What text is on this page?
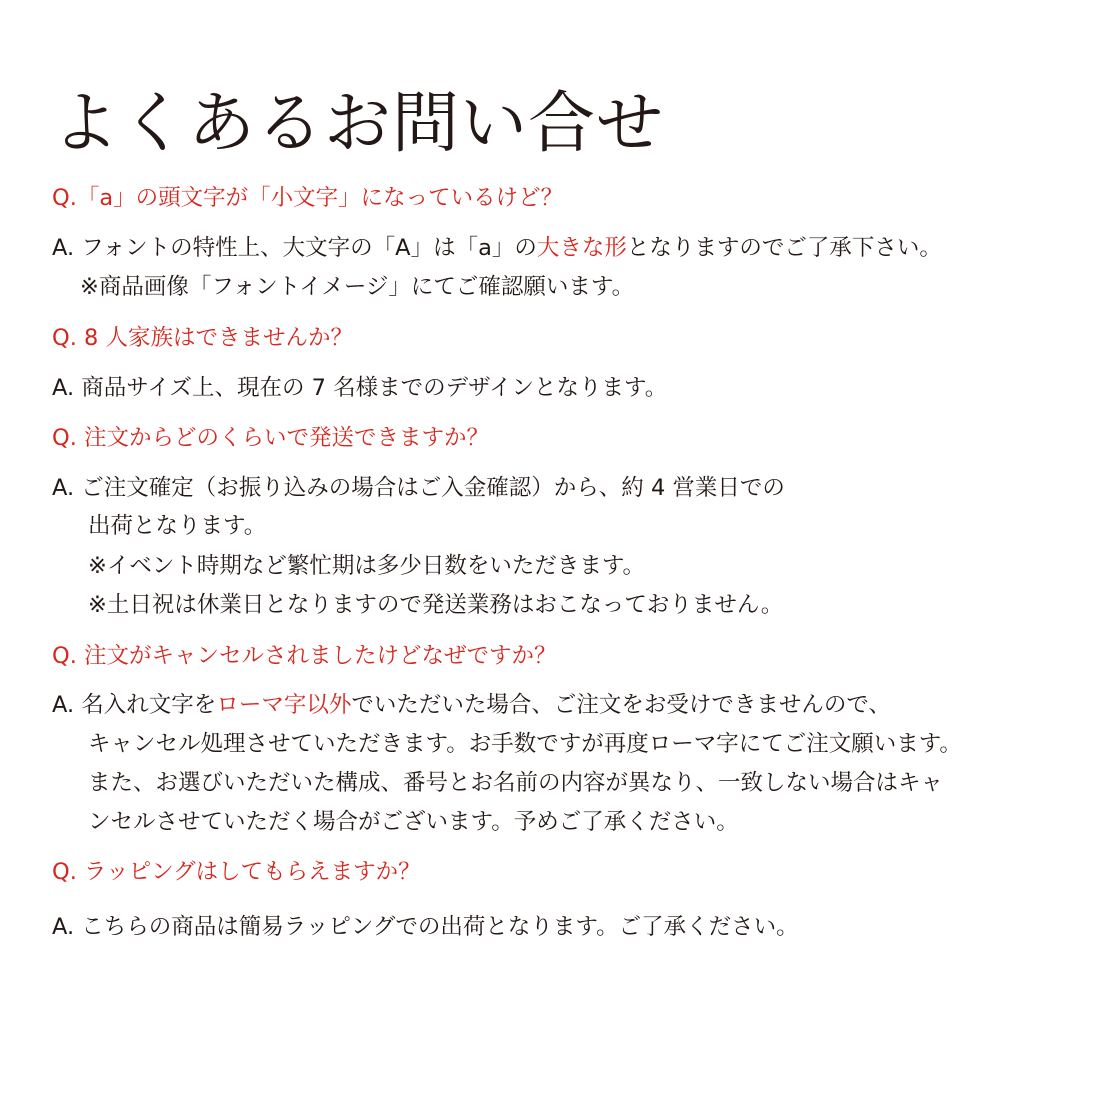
よくあるお問い合せ
Q.「a」の頭文字が「小文字」になっているけど？
A. フォントの特性上、大文字の「A」は「a」の大きな形となりますのでご了承下さい。
※商品画像「フォントイメージ」にてご確認願います。
Q. 8 人家族はできませんか？
A. 商品サイズ上、現在の 7 名様までのデザインとなります。
Q. 注文からどのくらいで発送できますか？
A. ご注文確定（お振り込みの場合はご入金確認）から、約 4 営業日での
出荷となります。
※イベント時期など繁忙期は多少日数をいただきます。
※土日祝は休業日となりますので発送業務はおこなっておりません。
Q. 注文がキャンセルされましたけどなぜですか？
A. 名入れ文字をローマ字以外でいただいた場合、ご注文をお受けできませんので、
キャンセル処理させていただきます。お手数ですが再度ローマ字にてご注文願います。
また、お選びいただいた構成、番号とお名前の内容が異なり、一致しない場合はキャ
ンセルさせていただく場合がございます。予めご了承ください。
Q. ラッピングはしてもらえますか？
A. こちらの商品は簡易ラッピングでの出荷となります。ご了承ください。
